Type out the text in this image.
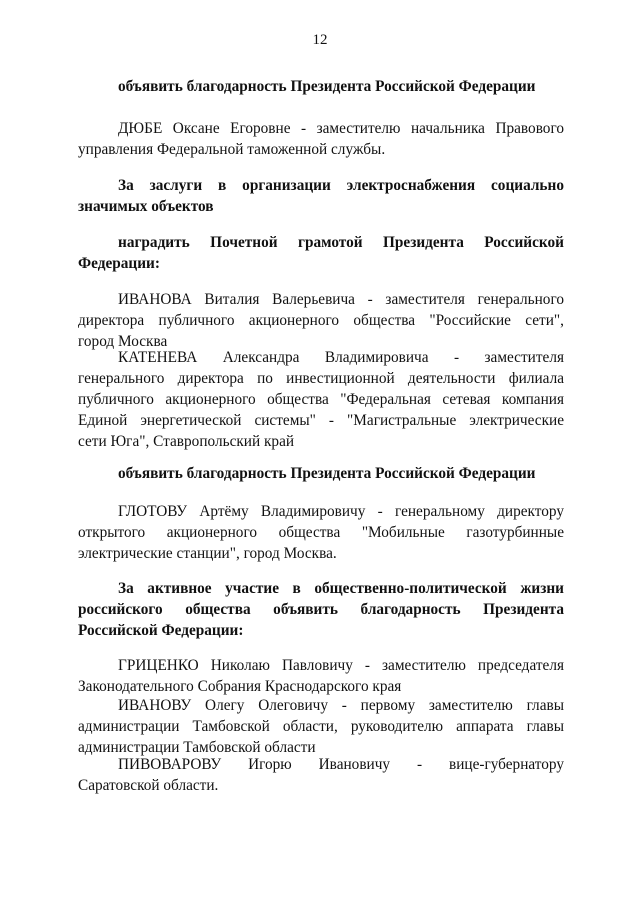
12
объявить благодарность Президента Российской Федерации
ДЮБЕ Оксане Егоровне - заместителю начальника Правового
управления Федеральной таможенной службы.
За заслуги в организации электроснабжения социально
значимых объектов
наградить Почетной грамотой Президента Российской
Федерации:
ИВАНОВА Виталия Валерьевича - заместителя генерального
директора публичного акционерного общества "Российские сети",
город Москва
КАТЕНЕВА Александра Владимировича - заместителя
генерального директора по инвестиционной деятельности филиала
публичного акционерного общества "Федеральная сетевая компания
Единой энергетической системы" - "Магистральные электрические
сети Юга", Ставропольский край
объявить благодарность Президента Российской Федерации
ГЛОТОВУ Артёму Владимировичу - генеральному директору
открытого акционерного общества "Мобильные газотурбинные
электрические станции", город Москва.
За активное участие в общественно-политической жизни
российского общества объявить благодарность Президента
Российской Федерации:
ГРИЦЕНКО Николаю Павловичу - заместителю председателя
Законодательного Собрания Краснодарского края
ИВАНОВУ Олегу Олеговичу - первому заместителю главы
администрации Тамбовской области, руководителю аппарата главы
администрации Тамбовской области
ПИВОВАРОВУ Игорю Ивановичу - вице-губернатору
Саратовской области.
